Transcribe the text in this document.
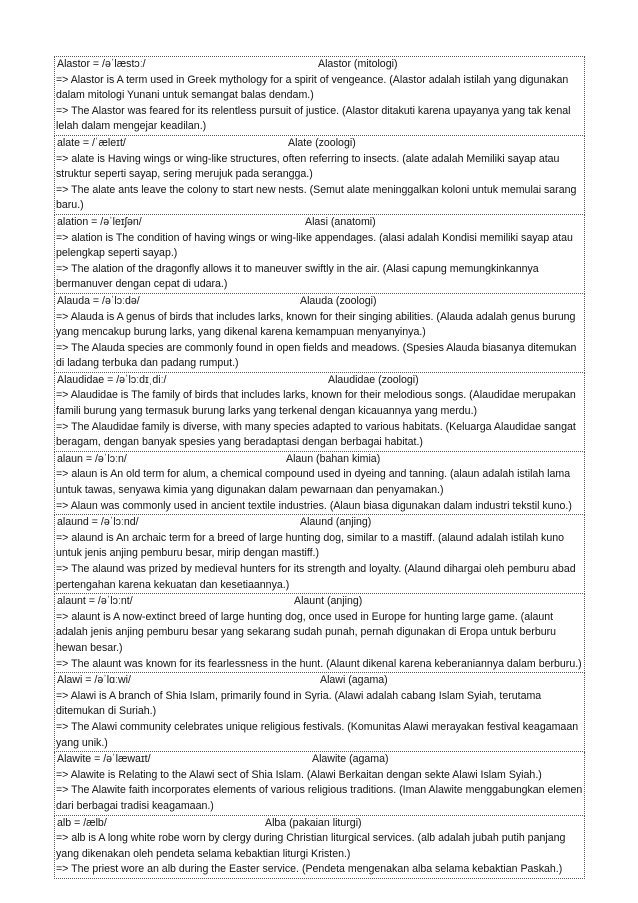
Alastor = /əˈlæstɔː/	Alastor (mitologi)
=> Alastor is A term used in Greek mythology for a spirit of vengeance. (Alastor adalah istilah yang digunakan dalam mitologi Yunani untuk semangat balas dendam.)
=> The Alastor was feared for its relentless pursuit of justice. (Alastor ditakuti karena upayanya yang tak kenal lelah dalam mengejar keadilan.)
alate = /ˈæleɪt/	Alate (zoologi)
=> alate is Having wings or wing-like structures, often referring to insects. (alate adalah Memiliki sayap atau struktur seperti sayap, sering merujuk pada serangga.)
=> The alate ants leave the colony to start new nests. (Semut alate meninggalkan koloni untuk memulai sarang baru.)
alation = /əˈleɪʃən/	Alasi (anatomi)
=> alation is The condition of having wings or wing-like appendages. (alasi adalah Kondisi memiliki sayap atau pelengkap seperti sayap.)
=> The alation of the dragonfly allows it to maneuver swiftly in the air. (Alasi capung memungkinkannya bermanuver dengan cepat di udara.)
Alauda = /əˈlɔːdə/	Alauda (zoologi)
=> Alauda is A genus of birds that includes larks, known for their singing abilities. (Alauda adalah genus burung yang mencakup burung larks, yang dikenal karena kemampuan menyanyinya.)
=> The Alauda species are commonly found in open fields and meadows. (Spesies Alauda biasanya ditemukan di ladang terbuka dan padang rumput.)
Alaudidae = /əˈlɔːdɪˌdiː/	Alaudidae (zoologi)
=> Alaudidae is The family of birds that includes larks, known for their melodious songs. (Alaudidae merupakan famili burung yang termasuk burung larks yang terkenal dengan kicauannya yang merdu.)
=> The Alaudidae family is diverse, with many species adapted to various habitats. (Keluarga Alaudidae sangat beragam, dengan banyak spesies yang beradaptasi dengan berbagai habitat.)
alaun = /əˈlɔːn/	Alaun (bahan kimia)
=> alaun is An old term for alum, a chemical compound used in dyeing and tanning. (alaun adalah istilah lama untuk tawas, senyawa kimia yang digunakan dalam pewarnaan dan penyamakan.)
=> Alaun was commonly used in ancient textile industries. (Alaun biasa digunakan dalam industri tekstil kuno.)
alaund = /əˈlɔːnd/	Alaund (anjing)
=> alaund is An archaic term for a breed of large hunting dog, similar to a mastiff. (alaund adalah istilah kuno untuk jenis anjing pemburu besar, mirip dengan mastiff.)
=> The alaund was prized by medieval hunters for its strength and loyalty. (Alaund dihargai oleh pemburu abad pertengahan karena kekuatan dan kesetiaannya.)
alaunt = /əˈlɔːnt/	Alaunt (anjing)
=> alaunt is A now-extinct breed of large hunting dog, once used in Europe for hunting large game. (alaunt adalah jenis anjing pemburu besar yang sekarang sudah punah, pernah digunakan di Eropa untuk berburu hewan besar.)
=> The alaunt was known for its fearlessness in the hunt. (Alaunt dikenal karena keberaniannya dalam berburu.)
Alawi = /əˈlɑːwi/	Alawi (agama)
=> Alawi is A branch of Shia Islam, primarily found in Syria. (Alawi adalah cabang Islam Syiah, terutama ditemukan di Suriah.)
=> The Alawi community celebrates unique religious festivals. (Komunitas Alawi merayakan festival keagamaan yang unik.)
Alawite = /əˈlæwaɪt/	Alawite (agama)
=> Alawite is Relating to the Alawi sect of Shia Islam. (Alawi Berkaitan dengan sekte Alawi Islam Syiah.)
=> The Alawite faith incorporates elements of various religious traditions. (Iman Alawite menggabungkan elemen dari berbagai tradisi keagamaan.)
alb = /ælb/	Alba (pakaian liturgi)
=> alb is A long white robe worn by clergy during Christian liturgical services. (alb adalah jubah putih panjang yang dikenakan oleh pendeta selama kebaktian liturgi Kristen.)
=> The priest wore an alb during the Easter service. (Pendeta mengenakan alba selama kebaktian Paskah.)
